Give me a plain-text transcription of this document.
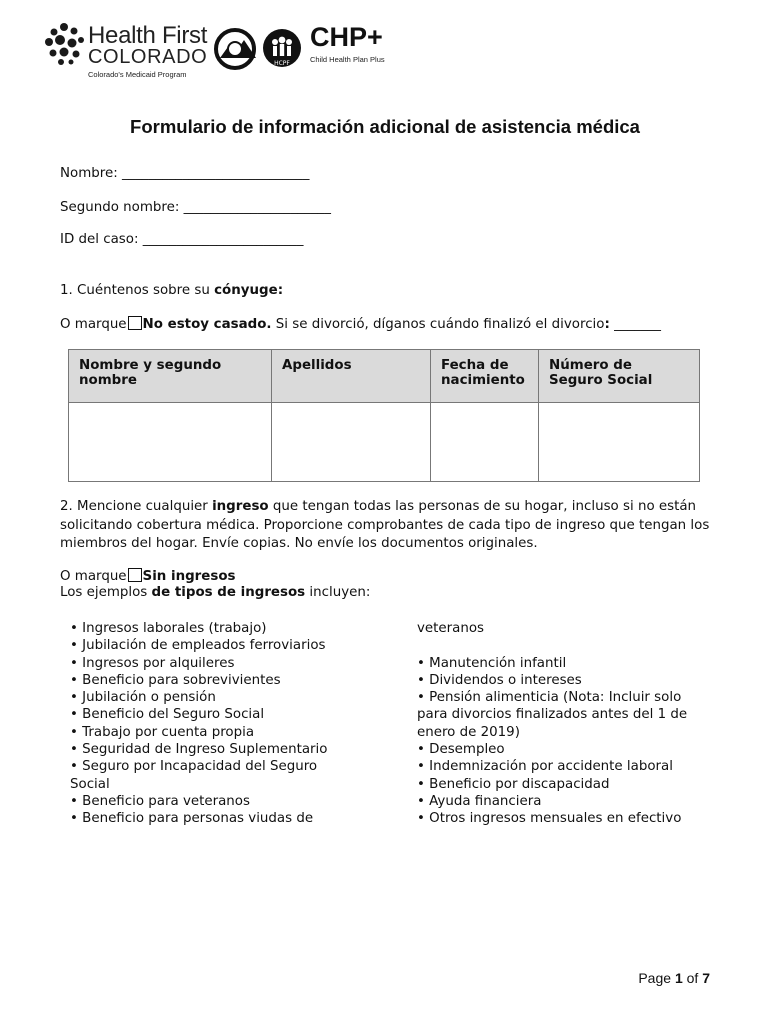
Health First
COLORADO
Colorado's Medicaid Program
HCPF
CHP+
Child Health Plan Plus
Formulario de información adicional de asistencia médica
Nombre: ____________________________
Segundo nombre: ______________________
ID del caso: ________________________
1. Cuéntenos sobre su cónyuge:
O marque No estoy casado. Si se divorció, díganos cuándo finalizó el divorcio: _______
Nombre y segundo nombre	Apellidos	Fecha de nacimiento	Número de Seguro Social

2. Mencione cualquier ingreso que tengan todas las personas de su hogar, incluso si no están solicitando cobertura médica. Proporcione comprobantes de cada tipo de ingreso que tengan los miembros del hogar. Envíe copias. No envíe los documentos originales.
O marque Sin ingresos
Los ejemplos de tipos de ingresos incluyen:
• Ingresos laborales (trabajo)
• Jubilación de empleados ferroviarios
• Ingresos por alquileres
• Beneficio para sobrevivientes
• Jubilación o pensión
• Beneficio del Seguro Social
• Trabajo por cuenta propia
• Seguridad de Ingreso Suplementario
• Seguro por Incapacidad del Seguro Social
• Beneficio para veteranos
• Beneficio para personas viudas de
veteranos
• Manutención infantil
• Dividendos o intereses
• Pensión alimenticia (Nota: Incluir solo para divorcios finalizados antes del 1 de enero de 2019)
• Desempleo
• Indemnización por accidente laboral
• Beneficio por discapacidad
• Ayuda financiera
• Otros ingresos mensuales en efectivo
Page 1 of 7
